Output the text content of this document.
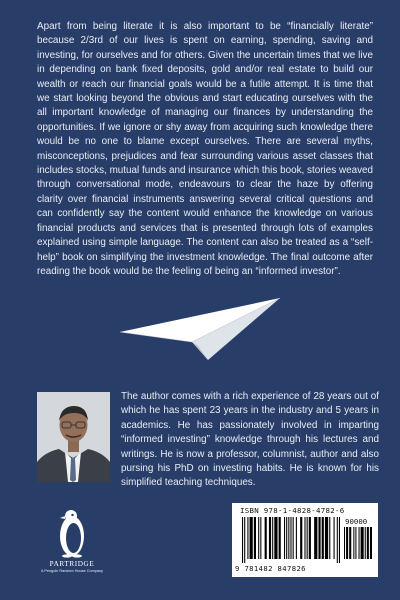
Apart from being literate it is also important to be “financially literate” because 2/3rd of our lives is spent on earning, spending, saving and investing, for ourselves and for others. Given the uncertain times that we live in depending on bank fixed deposits, gold and/or real estate to build our wealth or reach our financial goals would be a futile attempt. It is time that we start looking beyond the obvious and start educating ourselves with the all important knowledge of managing our finances by understanding the opportunities. If we ignore or shy away from acquiring such knowledge there would be no one to blame except ourselves. There are several myths, misconceptions, prejudices and fear surrounding various asset classes that includes stocks, mutual funds and insurance which this book, stories weaved through conversational mode, endeavours to clear the haze by offering clarity over financial instruments answering several critical questions and can confidently say the content would enhance the knowledge on various financial products and services that is presented through lots of examples explained using simple language. The content can also be treated as a “self-help” book on simplifying the investment knowledge. The final outcome after reading the book would be the feeling of being an “informed investor”.

The author comes with a rich experience of 28 years out of which he has spent 23 years in the industry and 5 years in academics. He has passionately involved in imparting “informed investing” knowledge through his lectures and writings. He is now a professor, columnist, author and also pursing his PhD on investing habits. He is known for his simplified teaching techniques.

PARTRIDGE
A Penguin Random House Company
ISBN 978-1-4828-4782-6
90000
9 781482 847826
